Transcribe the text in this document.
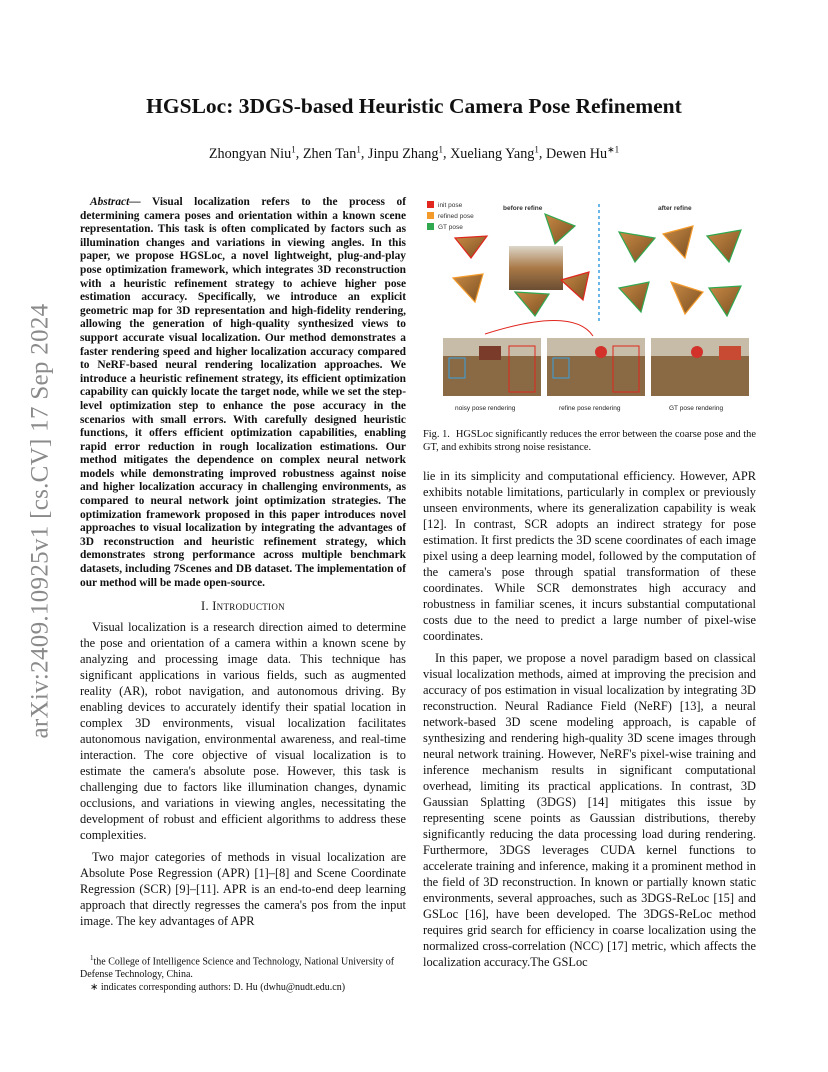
arXiv:2409.10925v1 [cs.CV] 17 Sep 2024
HGSLoc: 3DGS-based Heuristic Camera Pose Refinement
Zhongyan Niu$^1$, Zhen Tan$^1$, Jinpu Zhang$^1$, Xueliang Yang$^1$, Dewen $Hu^{∗1}$

Abstract— Visual localization refers to the process of determining camera poses and orientation within a known scene representation. This task is often complicated by factors such as illumination changes and variations in viewing angles. In this paper, we propose HGSLoc, a novel lightweight, plug-and-play pose optimization framework, which integrates 3D reconstruction with a heuristic refinement strategy to achieve higher pose estimation accuracy. Specifically, we introduce an explicit geometric map for 3D representation and high-fidelity rendering, allowing the generation of high-quality synthesized views to support accurate visual localization. Our method demonstrates a faster rendering speed and higher localization accuracy compared to NeRF-based neural rendering localization approaches. We introduce a heuristic refinement strategy, its efficient optimization capability can quickly locate the target node, while we set the step-level optimization step to enhance the pose accuracy in the scenarios with small errors. With carefully designed heuristic functions, it offers efficient optimization capabilities, enabling rapid error reduction in rough localization estimations. Our method mitigates the dependence on complex neural network models while demonstrating improved robustness against noise and higher localization accuracy in challenging environments, as compared to neural network joint optimization strategies. The optimization framework proposed in this paper introduces novel approaches to visual localization by integrating the advantages of 3D reconstruction and heuristic refinement strategy, which demonstrates strong performance across multiple benchmark datasets, including 7Scenes and DB dataset. The implementation of our method will be made open-source.

I. Introduction

Visual localization is a research direction aimed to determine the pose and orientation of a camera within a known scene by analyzing and processing image data. This technique has significant applications in various fields, such as augmented reality (AR), robot navigation, and autonomous driving. By enabling devices to accurately identify their spatial location in complex 3D environments, visual localization facilitates autonomous navigation, environmental awareness, and real-time interaction. The core objective of visual localization is to estimate the camera's absolute pose. However, this task is challenging due to factors like illumination changes, dynamic occlusions, and variations in viewing angles, necessitating the development of robust and efficient algorithms to address these complexities.

Two major categories of methods in visual localization are Absolute Pose Regression (APR) [1]–[8] and Scene Coordinate Regression (SCR) [9]–[11]. APR is an end-to-end deep learning approach that directly regresses the camera's pos from the input image. The key advantages of APR

$^1$the College of Intelligence Science and Technology, National University of Defense Technology, China.

∗ indicates corresponding authors: D. Hu (dwhu@nudt.edu.cn)

init pose
refined pose
GT pose
before refine	after refine
noisy pose rendering	refine pose rendering	GT pose rendering
Fig. 1. HGSLoc significantly reduces the error between the coarse pose and the GT, and exhibits strong noise resistance.

lie in its simplicity and computational efficiency. However, APR exhibits notable limitations, particularly in complex or previously unseen environments, where its generalization capability is weak [12]. In contrast, SCR adopts an indirect strategy for pose estimation. It first predicts the 3D scene coordinates of each image pixel using a deep learning model, followed by the computation of the camera's pose through spatial transformation of these coordinates. While SCR demonstrates high accuracy and robustness in familiar scenes, it incurs substantial computational costs due to the need to predict a large number of pixel-wise coordinates.

In this paper, we propose a novel paradigm based on classical visual localization methods, aimed at improving the precision and accuracy of pos estimation in visual localization by integrating 3D reconstruction. Neural Radiance Field (NeRF) [13], a neural network-based 3D scene modeling approach, is capable of synthesizing and rendering high-quality 3D scene images through neural network training. However, NeRF's pixel-wise training and inference mechanism results in significant computational overhead, limiting its practical applications. In contrast, 3D Gaussian Splatting (3DGS) [14] mitigates this issue by representing scene points as Gaussian distributions, thereby significantly reducing the data processing load during rendering. Furthermore, 3DGS leverages CUDA kernel functions to accelerate training and inference, making it a prominent method in the field of 3D reconstruction. In known or partially known static environments, several approaches, such as 3DGS-ReLoc [15] and GSLoc [16], have been developed. The 3DGS-ReLoc method requires grid search for efficiency in coarse localization using the normalized cross-correlation (NCC) [17] metric, which affects the localization accuracy.The GSLoc
